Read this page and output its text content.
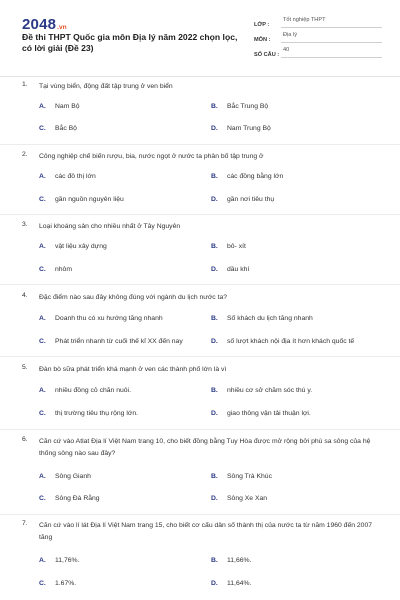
2048 .vn
Đề thi THPT Quốc gia môn Địa lý năm 2022 chọn lọc, có lời giải (Đề 23)
LỚP :
Tốt nghiệp THPT
MÔN :
Địa lý
SỐ CÂU :
40
1.	Tại vùng biển, động đất tập trung ở ven biển
A.	Nam Bộ	B.	Bắc Trung Bộ
C.	Bắc Bộ	D.	Nam Trung Bộ
2.	Công nghiệp chế biến rượu, bia, nước ngọt ở nước ta phân bố tập trung ở
A.	các đô thị lớn	B.	các đồng bằng lớn
C.	gần nguồn nguyên liệu	D.	gần nơi tiêu thụ
3.	Loại khoáng sản cho nhiều nhất ở Tây Nguyên
A.	vật liệu xây dựng	B.	bô- xít
C.	nhôm	D.	dầu khí
4.	Đặc điểm nào sau đây không đúng với ngành du lịch nước ta?
A.	Doanh thu có xu hướng tăng nhanh	B.	Số khách du lịch tăng nhanh
C.	Phát triển nhanh từ cuối thế kỉ XX đến nay	D.	số lượt khách nội địa ít hơn khách quốc tế
5.	Đàn bò sữa phát triển khá mạnh ở ven các thành phố lớn là vì
A.	nhiều đồng cỏ chăn nuôi.	B.	nhiều cơ sở chăm sóc thú y.
C.	thị trường tiêu thụ rộng lớn.	D.	giao thông vận tải thuận lợi.
6.	Căn cứ vào Atlat Địa lí Việt Nam trang 10, cho biết đồng bằng Tuy Hòa được mở rộng bởi phù sa sông của hệ thống sông nào sau đây?
A.	Sông Gianh	B.	Sông Trà Khúc
C.	Sông Đà Rằng	D.	Sông Xe Xan
7.	Căn cứ vào lí lát Địa lí Việt Nam trang 15, cho biết cơ cấu dân số thành thị của nước ta từ năm 1960 đến 2007 tăng
A.	11,76%.	B.	11,66%.
C.	1.67%.	D.	11,64%.
